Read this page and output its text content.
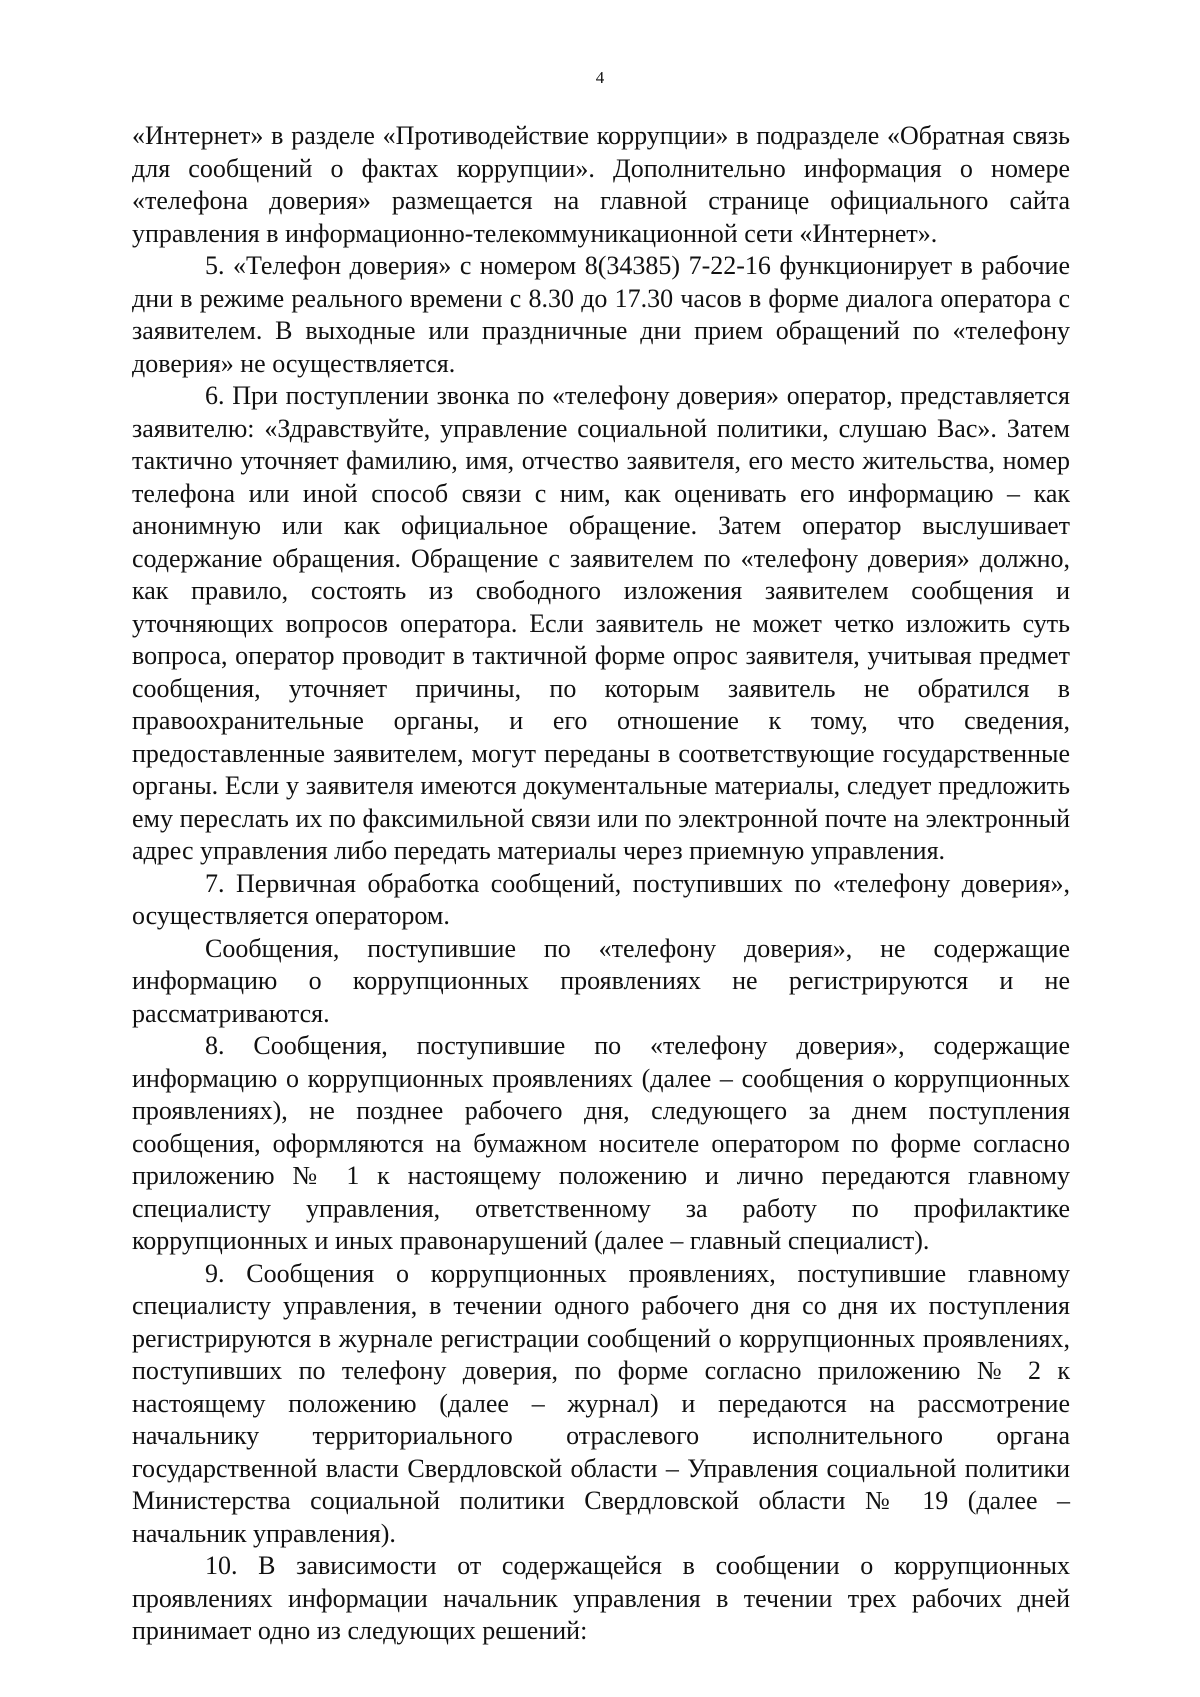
4

«Интернет» в разделе «Противодействие коррупции» в подразделе «Обратная связь для сообщений о фактах коррупции». Дополнительно информация о номере «телефона доверия» размещается на главной странице официального сайта управления в информационно-телекоммуникационной сети «Интернет».

5. «Телефон доверия» с номером 8(34385) 7-22-16 функционирует в рабочие дни в режиме реального времени с 8.30 до 17.30 часов в форме диалога оператора с заявителем. В выходные или праздничные дни прием обращений по «телефону доверия» не осуществляется.

6. При поступлении звонка по «телефону доверия» оператор, представляется заявителю: «Здравствуйте, управление социальной политики, слушаю Вас». Затем тактично уточняет фамилию, имя, отчество заявителя, его место жительства, номер телефона или иной способ связи с ним, как оценивать его информацию – как анонимную или как официальное обращение. Затем оператор выслушивает содержание обращения. Обращение с заявителем по «телефону доверия» должно, как правило, состоять из свободного изложения заявителем сообщения и уточняющих вопросов оператора. Если заявитель не может четко изложить суть вопроса, оператор проводит в тактичной форме опрос заявителя, учитывая предмет сообщения, уточняет причины, по которым заявитель не обратился в правоохранительные органы, и его отношение к тому, что сведения, предоставленные заявителем, могут переданы в соответствующие государственные органы. Если у заявителя имеются документальные материалы, следует предложить ему переслать их по факсимильной связи или по электронной почте на электронный адрес управления либо передать материалы через приемную управления.

7. Первичная обработка сообщений, поступивших по «телефону доверия», осуществляется оператором.

Сообщения, поступившие по «телефону доверия», не содержащие информацию о коррупционных проявлениях не регистрируются и не рассматриваются.

8. Сообщения, поступившие по «телефону доверия», содержащие информацию о коррупционных проявлениях (далее – сообщения о коррупционных проявлениях), не позднее рабочего дня, следующего за днем поступления сообщения, оформляются на бумажном носителе оператором по форме согласно приложению № 1 к настоящему положению и лично передаются главному специалисту управления, ответственному за работу по профилактике коррупционных и иных правонарушений (далее – главный специалист).

9. Сообщения о коррупционных проявлениях, поступившие главному специалисту управления, в течении одного рабочего дня со дня их поступления регистрируются в журнале регистрации сообщений о коррупционных проявлениях, поступивших по телефону доверия, по форме согласно приложению № 2 к настоящему положению (далее – журнал) и передаются на рассмотрение начальнику территориального отраслевого исполнительного органа государственной власти Свердловской области – Управления социальной политики Министерства социальной политики Свердловской области № 19 (далее – начальник управления).

10. В зависимости от содержащейся в сообщении о коррупционных проявлениях информации начальник управления в течении трех рабочих дней принимает одно из следующих решений:
